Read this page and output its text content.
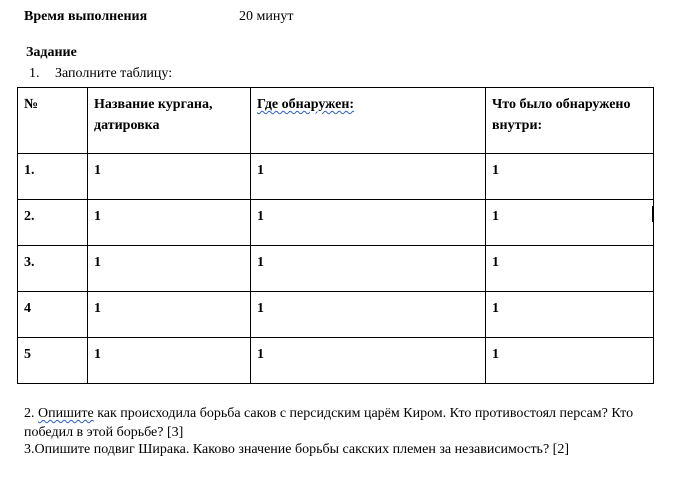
Время выполнения	20 минут
Задание
1. Заполните таблицу:
№	Название кургана, датировка	Где обнаружен:	Что было обнаружено внутри:
1.	1	1	1
2.	1	1	1
3.	1	1	1
4	1	1	1
5	1	1	1
2. Опишите как происходила борьба саков с персидским царём Киром. Кто противостоял персам? Кто победил в этой борьбе? [3]
3.Опишите подвиг Ширака. Каково значение борьбы сакских племен за независимость? [2]
